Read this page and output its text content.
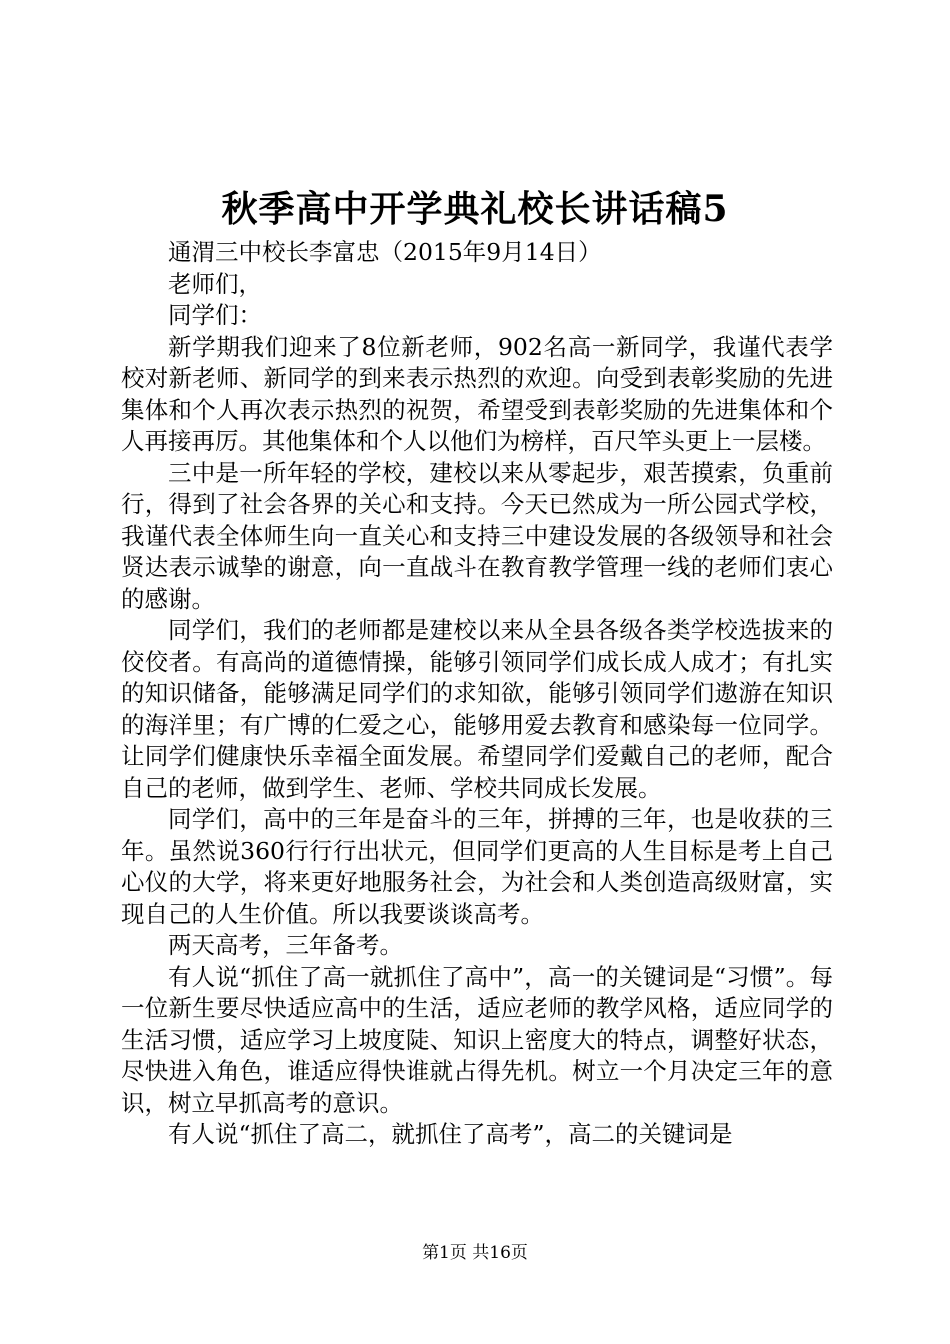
秋季高中开学典礼校长讲话稿5

通渭三中校长李富忠（2015年9月14日）

老师们，

同学们：

新学期我们迎来了8位新老师，902名高一新同学，我谨代表学校对新老师、新同学的到来表示热烈的欢迎。向受到表彰奖励的先进集体和个人再次表示热烈的祝贺，希望受到表彰奖励的先进集体和个人再接再厉。其他集体和个人以他们为榜样，百尺竿头更上一层楼。

三中是一所年轻的学校，建校以来从零起步，艰苦摸索，负重前行，得到了社会各界的关心和支持。今天已然成为一所公园式学校，我谨代表全体师生向一直关心和支持三中建设发展的各级领导和社会贤达表示诚挚的谢意，向一直战斗在教育教学管理一线的老师们衷心的感谢。

同学们，我们的老师都是建校以来从全县各级各类学校选拔来的佼佼者。有高尚的道德情操，能够引领同学们成长成人成才；有扎实的知识储备，能够满足同学们的求知欲，能够引领同学们遨游在知识的海洋里；有广博的仁爱之心，能够用爱去教育和感染每一位同学。让同学们健康快乐幸福全面发展。希望同学们爱戴自己的老师，配合自己的老师，做到学生、老师、学校共同成长发展。

同学们，高中的三年是奋斗的三年，拼搏的三年，也是收获的三年。虽然说360行行行出状元，但同学们更高的人生目标是考上自己心仪的大学，将来更好地服务社会，为社会和人类创造高级财富，实现自己的人生价值。所以我要谈谈高考。

两天高考，三年备考。

有人说“抓住了高一就抓住了高中”，高一的关键词是“习惯”。每一位新生要尽快适应高中的生活，适应老师的教学风格，适应同学的生活习惯，适应学习上坡度陡、知识上密度大的特点，调整好状态，尽快进入角色，谁适应得快谁就占得先机。树立一个月决定三年的意识，树立早抓高考的意识。

有人说“抓住了高二，就抓住了高考”，高二的关键词是

第1页 共16页
